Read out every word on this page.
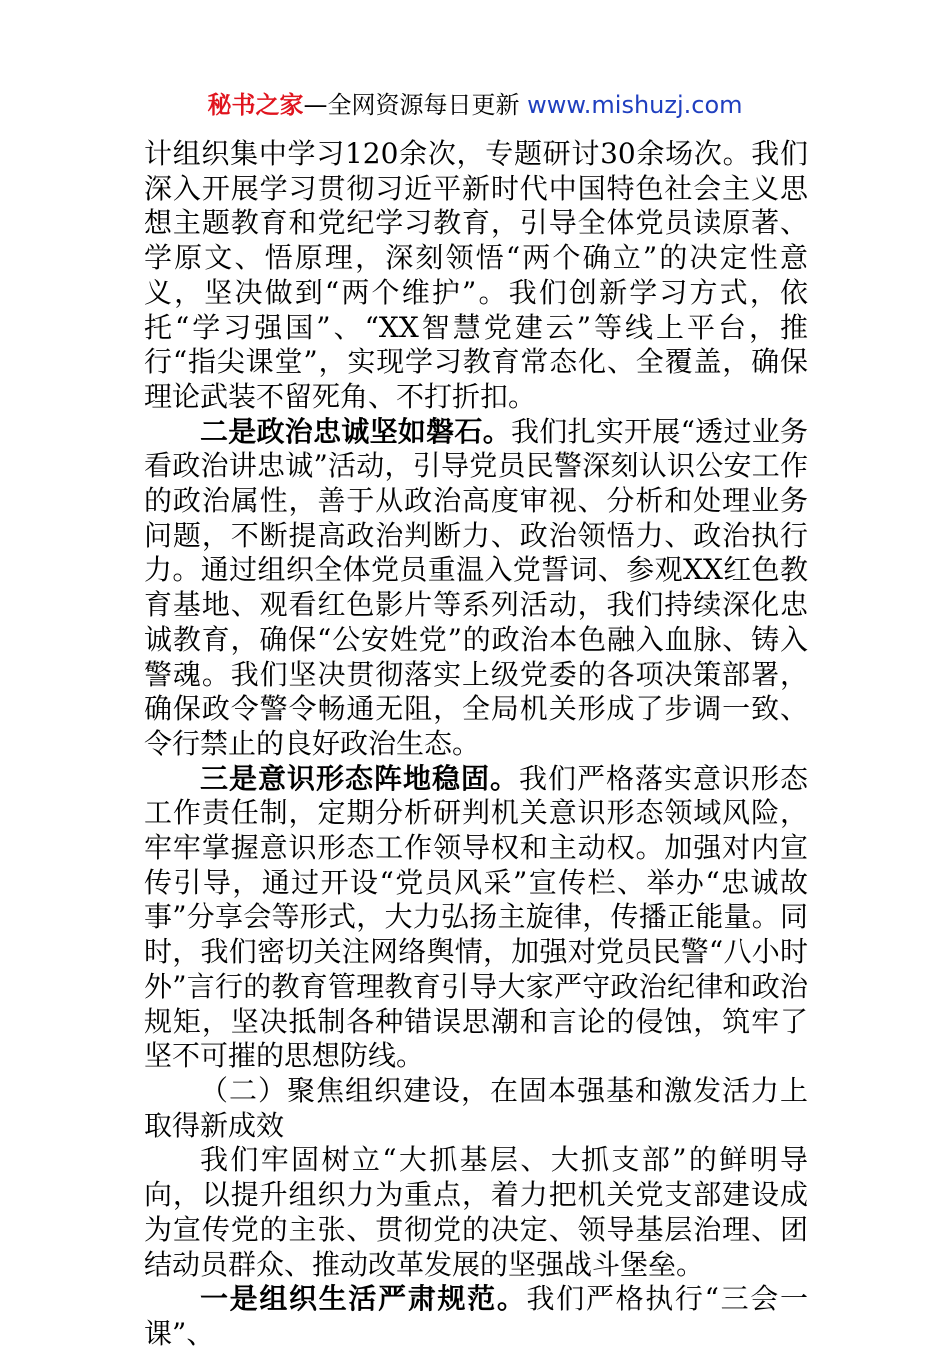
秘书之家—全网资源每日更新 www.mishuzj.com

计组织集中学习120余次，专题研讨30余场次。我们深入开展学习贯彻习近平新时代中国特色社会主义思想主题教育和党纪学习教育，引导全体党员读原著、学原文、悟原理，深刻领悟“两个确立”的决定性意义，坚决做到“两个维护”。我们创新学习方式，依托“学习强国”、“XX智慧党建云”等线上平台，推行“指尖课堂”，实现学习教育常态化、全覆盖，确保理论武装不留死角、不打折扣。

二是政治忠诚坚如磐石。我们扎实开展“透过业务看政治讲忠诚”活动，引导党员民警深刻认识公安工作的政治属性，善于从政治高度审视、分析和处理业务问题，不断提高政治判断力、政治领悟力、政治执行力。通过组织全体党员重温入党誓词、参观XX红色教育基地、观看红色影片等系列活动，我们持续深化忠诚教育，确保“公安姓党”的政治本色融入血脉、铸入警魂。我们坚决贯彻落实上级党委的各项决策部署，确保政令警令畅通无阻，全局机关形成了步调一致、令行禁止的良好政治生态。

三是意识形态阵地稳固。我们严格落实意识形态工作责任制，定期分析研判机关意识形态领域风险，牢牢掌握意识形态工作领导权和主动权。加强对内宣传引导，通过开设“党员风采”宣传栏、举办“忠诚故事”分享会等形式，大力弘扬主旋律，传播正能量。同时，我们密切关注网络舆情，加强对党员民警“八小时外”言行的教育管理教育引导大家严守政治纪律和政治规矩，坚决抵制各种错误思潮和言论的侵蚀，筑牢了坚不可摧的思想防线。

（二）聚焦组织建设，在固本强基和激发活力上取得新成效

我们牢固树立“大抓基层、大抓支部”的鲜明导向，以提升组织力为重点，着力把机关党支部建设成为宣传党的主张、贯彻党的决定、领导基层治理、团结动员群众、推动改革发展的坚强战斗堡垒。

一是组织生活严肃规范。我们严格执行“三会一课”、
